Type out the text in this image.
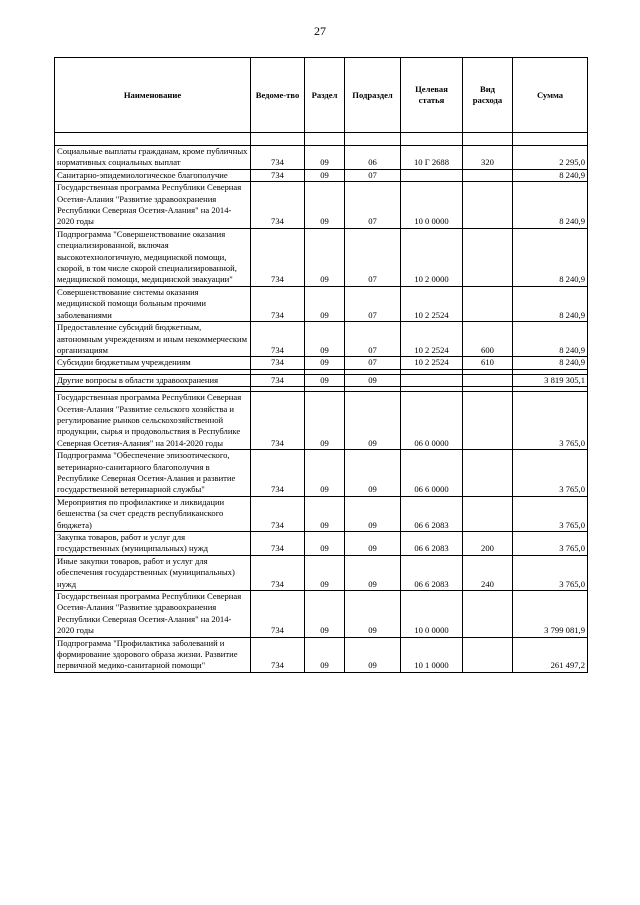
27
Наименование	Ведоме-тво	Раздел	Подраздел	Целевая статья	Вид расхода	Сумма

Социальные выплаты гражданам, кроме публичных нормативных социальных выплат	734	09	06	10 Г 2688	320	2 295,0
Санитарно-эпидемиологическое благополучие	734	09	07			8 240,9
Государственная программа Республики Северная Осетия-Алания "Развитие здравоохранения Республики Северная Осетия-Алания" на 2014-2020 годы	734	09	07	10 0 0000		8 240,9
Подпрограмма "Совершенствование оказания специализированной, включая высокотехнологичную, медицинской помощи, скорой, в том числе скорой специализированной, медицинской помощи, медицинской эвакуации"	734	09	07	10 2 0000		8 240,9
Совершенствование системы оказания медицинской помощи больным прочими заболеваниями	734	09	07	10 2 2524		8 240,9
Предоставление субсидий бюджетным, автономным учреждениям и иным некоммерческим организациям	734	09	07	10 2 2524	600	8 240,9
Субсидии бюджетным учреждениям	734	09	07	10 2 2524	610	8 240,9

Другие вопросы в области здравоохранения	734	09	09			3 819 305,1

Государственная программа Республики Северная Осетия-Алания "Развитие сельского хозяйства и регулирование рынков сельскохозяйственной продукции, сырья и продовольствия в Республике Северная Осетия-Алания" на 2014-2020 годы	734	09	09	06 0 0000		3 765,0
Подпрограмма "Обеспечение эпизоотического, ветеринарно-санитарного благополучия в Республике Северная Осетия-Алания и развитие государственной ветеринарной службы"	734	09	09	06 6 0000		3 765,0
Мероприятия по профилактике и ликвидации бешенства (за счет средств республиканского бюджета)	734	09	09	06 6 2083		3 765,0
Закупка товаров, работ и услуг для государственных (муниципальных) нужд	734	09	09	06 6 2083	200	3 765,0
Иные закупки товаров, работ и услуг для обеспечения государственных (муниципальных) нужд	734	09	09	06 6 2083	240	3 765,0
Государственная программа Республики Северная Осетия-Алания "Развитие здравоохранения Республики Северная Осетия-Алания" на 2014-2020 годы	734	09	09	10 0 0000		3 799 081,9
Подпрограмма "Профилактика заболеваний и формирование здорового образа жизни. Развитие первичной медико-санитарной помощи"	734	09	09	10 1 0000		261 497,2
